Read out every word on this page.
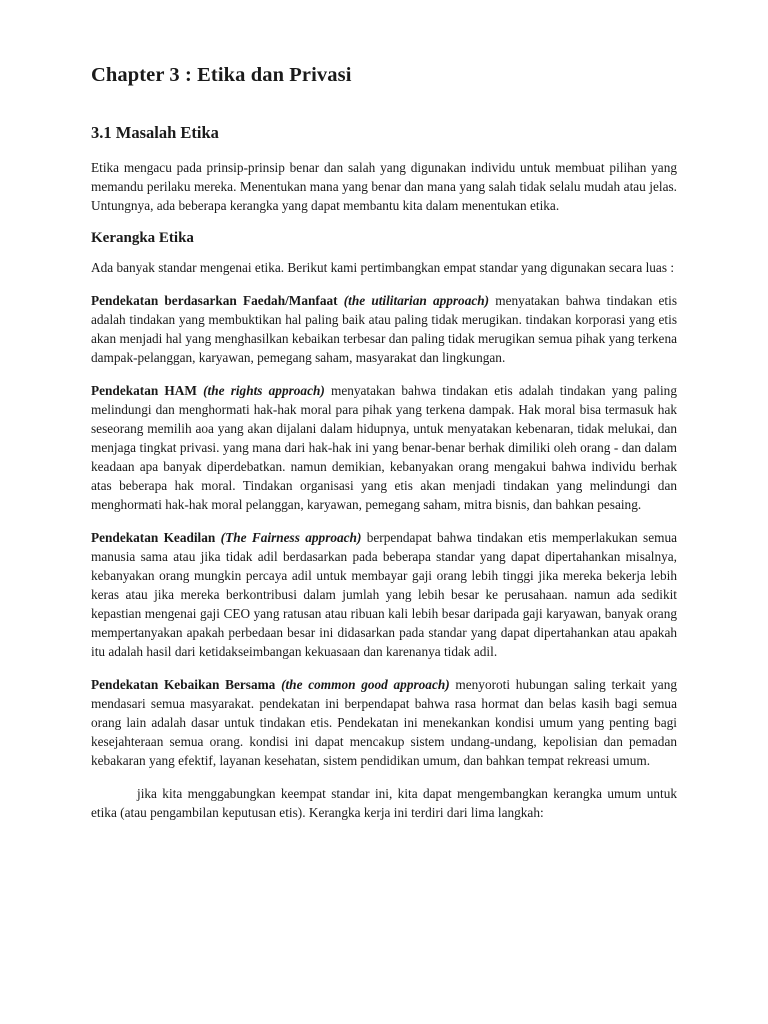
Chapter 3 : Etika dan Privasi
3.1 Masalah Etika

Etika mengacu pada prinsip-prinsip benar dan salah yang digunakan individu untuk membuat pilihan yang memandu perilaku mereka. Menentukan mana yang benar dan mana yang salah tidak selalu mudah atau jelas. Untungnya, ada beberapa kerangka yang dapat membantu kita dalam menentukan etika.

Kerangka Etika

Ada banyak standar mengenai etika. Berikut kami pertimbangkan empat standar yang digunakan secara luas :

Pendekatan berdasarkan Faedah/Manfaat (the utilitarian approach) menyatakan bahwa tindakan etis adalah tindakan yang membuktikan hal paling baik atau paling tidak merugikan. tindakan korporasi yang etis akan menjadi hal yang menghasilkan kebaikan terbesar dan paling tidak merugikan semua pihak yang terkena dampak-pelanggan, karyawan, pemegang saham, masyarakat dan lingkungan.

Pendekatan HAM (the rights approach) menyatakan bahwa tindakan etis adalah tindakan yang paling melindungi dan menghormati hak-hak moral para pihak yang terkena dampak. Hak moral bisa termasuk hak seseorang memilih aoa yang akan dijalani dalam hidupnya, untuk menyatakan kebenaran, tidak melukai, dan menjaga tingkat privasi. yang mana dari hak-hak ini yang benar-benar berhak dimiliki oleh orang - dan dalam keadaan apa banyak diperdebatkan. namun demikian, kebanyakan orang mengakui bahwa individu berhak atas beberapa hak moral. Tindakan organisasi yang etis akan menjadi tindakan yang melindungi dan menghormati hak-hak moral pelanggan, karyawan, pemegang saham, mitra bisnis, dan bahkan pesaing.

Pendekatan Keadilan (The Fairness approach) berpendapat bahwa tindakan etis memperlakukan semua manusia sama atau jika tidak adil berdasarkan pada beberapa standar yang dapat dipertahankan misalnya, kebanyakan orang mungkin percaya adil untuk membayar gaji orang lebih tinggi jika mereka bekerja lebih keras atau jika mereka berkontribusi dalam jumlah yang lebih besar ke perusahaan. namun ada sedikit kepastian mengenai gaji CEO yang ratusan atau ribuan kali lebih besar daripada gaji karyawan, banyak orang mempertanyakan apakah perbedaan besar ini didasarkan pada standar yang dapat dipertahankan atau apakah itu adalah hasil dari ketidakseimbangan kekuasaan dan karenanya tidak adil.

Pendekatan Kebaikan Bersama (the common good approach) menyoroti hubungan saling terkait yang mendasari semua masyarakat. pendekatan ini berpendapat bahwa rasa hormat dan belas kasih bagi semua orang lain adalah dasar untuk tindakan etis. Pendekatan ini menekankan kondisi umum yang penting bagi kesejahteraan semua orang. kondisi ini dapat mencakup sistem undang-undang, kepolisian dan pemadan kebakaran yang efektif, layanan kesehatan, sistem pendidikan umum, dan bahkan tempat rekreasi umum.

jika kita menggabungkan keempat standar ini, kita dapat mengembangkan kerangka umum untuk etika (atau pengambilan keputusan etis). Kerangka kerja ini terdiri dari lima langkah:
